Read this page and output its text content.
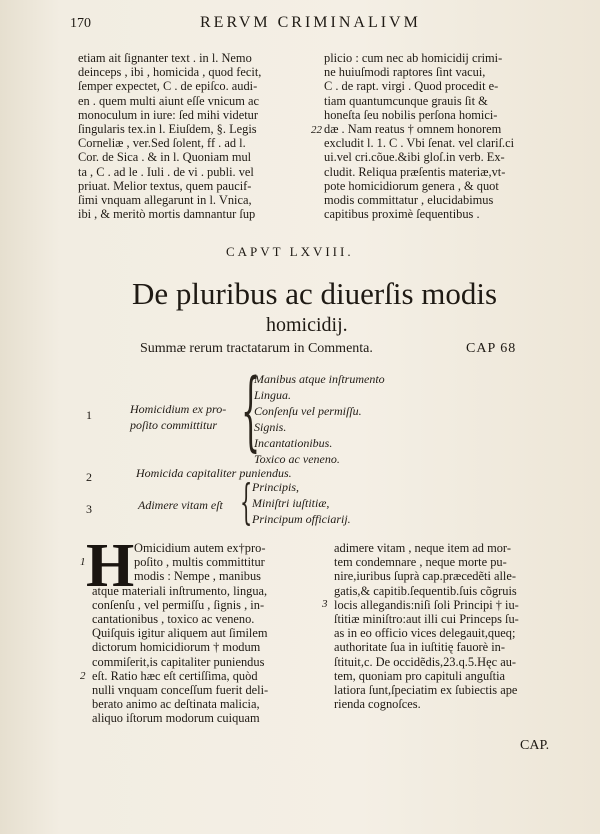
170	RERVM CRIMINALIVM
etiam ait ſignanter text . in l. Nemo
deinceps , ibi , homicida , quod fecit,
ſemper expectet, C . de epiſco. audi-
en . quem multi aiunt eſſe vnicum ac
monoculum in iure: ſed mihi videtur
ſingularis tex.in l. Eiuſdem, §. Legis
Corneliæ , ver.Sed ſolent, ff . ad l.
Cor. de Sica . & in l. Quoniam mul
ta , C . ad le . Iuli . de vi . publi. vel
priuat. Melior textus, quem paucif-
ſimi vnquam allegarunt in l. Vnica,
ibi , & meritò mortis damnantur ſup
22
plicio : cum nec ab homicidij crimi-
ne huiuſmodi raptores ſint vacui,
C . de rapt. virgi . Quod procedit e-
tiam quantumcunque grauis ſit &
honeſta ſeu nobilis perſona homici-
dæ . Nam reatus † omnem honorem
excludit l. 1. C . Vbi ſenat. vel clariſ.ci
ui.vel cri.cõue.&ibi gloſ.in verb. Ex-
cludit. Reliqua præſentis materiæ,vt-
pote homicidiorum genera , & quot
modis committatur , elucidabimus
capitibus proximè ſequentibus .
CAPVT LXVIII.
De pluribus ac diuerſis modis
homicidij.
Summæ rerum tractatarum in Commenta.	CAP 68
1	Homicidium ex pro-
poſito committitur {
Manibus atque inſtrumento
Lingua.
Conſenſu vel permiſſu.
Signis.
Incantationibus.
Toxico ac veneno.
2	Homicida capitaliter puniendus.
3	Adimere vitam eſt { Principis,
Miniſtri iuſtitiæ,
Principum officiarij.
H
1
2
3
Omicidium autem ex†pro-
poſito , multis committitur
modis : Nempe , manibus
atque materiali inſtrumento, lingua,
conſenſu , vel permiſſu , ſignis , in-
cantationibus , toxico ac veneno.
Quiſquis igitur aliquem aut ſimilem
dictorum homicidiorum † modum
commiſerit,is capitaliter puniendus
eſt. Ratio hæc eſt certiſſima, quòd
nulli vnquam conceſſum fuerit deli-
berato animo ac deſtinata malicia,
aliquo iſtorum modorum cuiquam
adimere vitam , neque item ad mor-
tem condemnare , neque morte pu-
nire,iuribus ſuprà cap.præcedẽti alle-
gatis,& capitib.ſequentib.ſuis cõgruis
locis allegandis:niſi ſoli Principi † iu-
ſtitiæ miniſtro:aut illi cui Princeps ſu-
as in eo officio vices delegauit,queq;
authoritate ſua in iuſtitię fauorè in-
ſtituit,c. De occidẽdis,23.q.5.Hęc au-
tem, quoniam pro capituli anguſtia
latiora ſunt,ſpeciatim ex ſubiectis ape
rienda cognoſces.
CAP.
